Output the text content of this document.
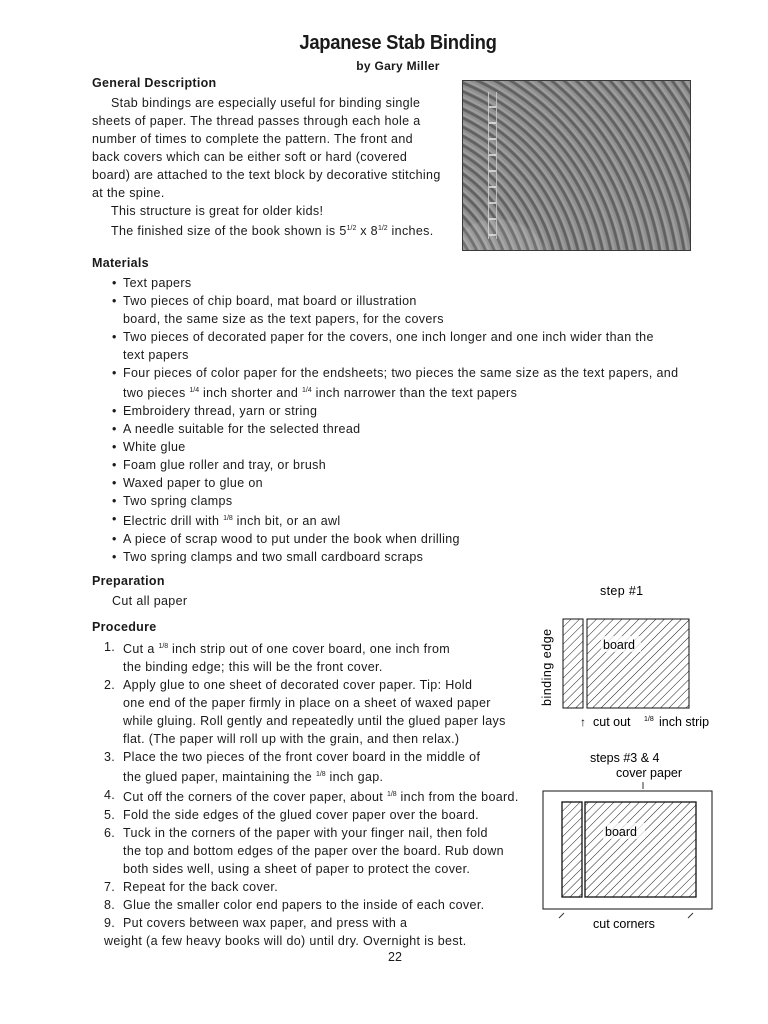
Japanese Stab Binding
by Gary Miller
General Description

Stab bindings are especially useful for binding single

sheets of paper. The thread passes through each hole a

number of times to complete the pattern. The front and

back covers which can be either soft or hard (covered

board) are attached to the text block by decorative stitching

at the spine.

This structure is great for older kids!

The finished size of the book shown is $5^{1/2}$ x $8^{1/2}$ inches.

Materials
• Text papers
• Two pieces of chip board, mat board or illustration
board, the same size as the text papers, for the covers
• Two pieces of decorated paper for the covers, one inch longer and one inch wider than the
text papers
• Four pieces of color paper for the endsheets; two pieces the same size as the text papers, and
two pieces $^{1/4}$ inch shorter and $^{1/4}$ inch narrower than the text papers
• Embroidery thread, yarn or string
• A needle suitable for the selected thread
• White glue
• Foam glue roller and tray, or brush
• Waxed paper to glue on
• Two spring clamps
• Electric drill with $^{1/8}$ inch bit, or an awl
• A piece of scrap wood to put under the book when drilling
• Two spring clamps and two small cardboard scraps
Preparation
Cut all paper
Procedure
1. Cut a $^{1/8}$ inch strip out of one cover board, one inch from
the binding edge; this will be the front cover.
2. Apply glue to one sheet of decorated cover paper. Tip: Hold
one end of the paper firmly in place on a sheet of waxed paper
while gluing. Roll gently and repeatedly until the glued paper lays
flat. (The paper will roll up with the grain, and then relax.)
3. Place the two pieces of the front cover board in the middle of
the glued paper, maintaining the $^{1/8}$ inch gap.
4. Cut off the corners of the cover paper, about $^{1/8}$ inch from the board.
5. Fold the side edges of the glued cover paper over the board.
6. Tuck in the corners of the paper with your finger nail, then fold
the top and bottom edges of the paper over the board. Rub down
both sides well, using a sheet of paper to protect the cover.
7. Repeat for the back cover.
8. Glue the smaller color end papers to the inside of each cover.
9. Put covers between wax paper, and press with a
weight (a few heavy books will do) until dry. Overnight is best.
step #1
binding edge	board
↑ cut out 1/8 inch strip
steps #3 & 4
cover paper
board
cut corners
22
